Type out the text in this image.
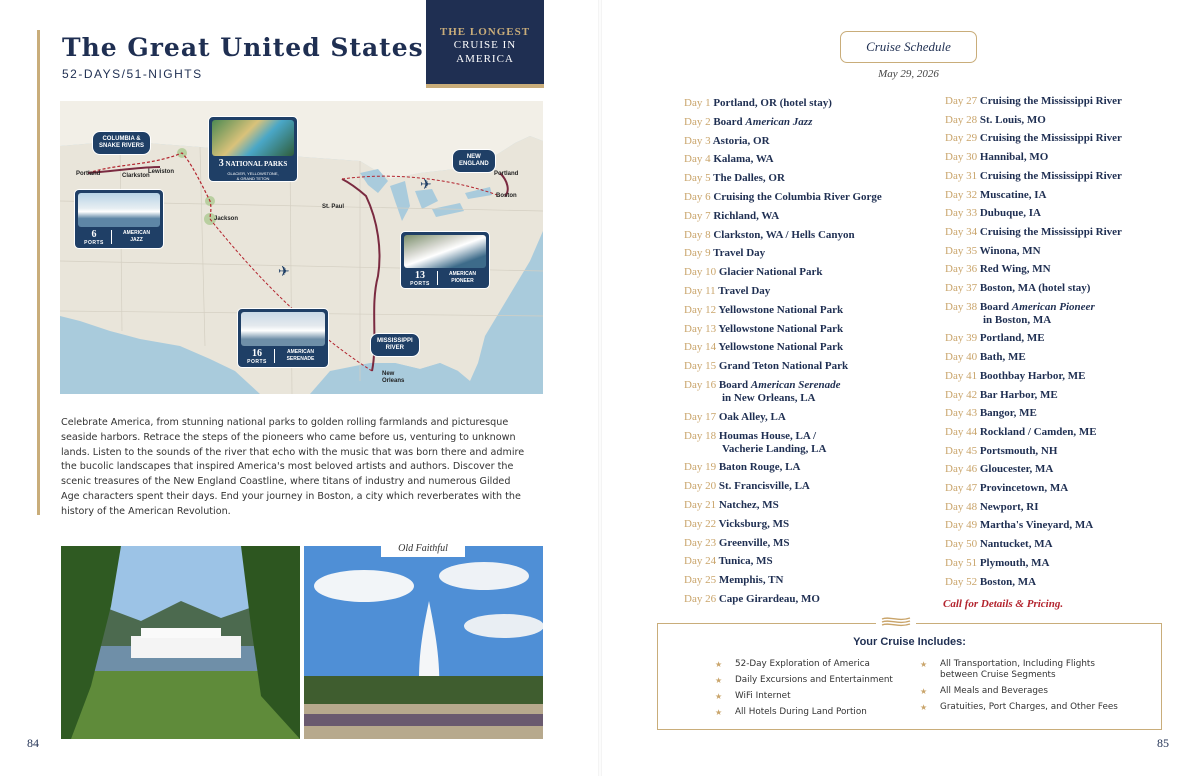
The Great United States
52-DAYS/51-NIGHTS
THE LONGEST
CRUISE IN
AMERICA
✈
✈
COLUMBIA &
SNAKE RIVERS
NEW
ENGLAND
MISSISSIPPI
RIVER
Portland	Clarkston
Lewiston
Jackson
St. Paul
Portland
Boston
New
Orleans
3 NATIONAL PARKS
GLACIER, YELLOWSTONE,
& GRAND TETON
6
PORTS
AMERICAN
JAZZ
13
PORTS
AMERICAN
PIONEER
16
PORTS
AMERICAN
SERENADE

Celebrate America, from stunning national parks to golden rolling farmlands and picturesque seaside harbors. Retrace the steps of the pioneers who came before us, venturing to unknown lands. Listen to the sounds of the river that echo with the music that was born there and admire the bucolic landscapes that inspired America's most beloved artists and authors. Discover the scenic treasures of the New England Coastline, where titans of industry and numerous Gilded Age characters spent their days. End your journey in Boston, a city which reverberates with the history of the American Revolution.

Old Faithful
84
Cruise Schedule
May 29, 2026
Day 1 Portland, OR (hotel stay)
Day 2 Board American Jazz
Day 3 Astoria, OR
Day 4 Kalama, WA
Day 5 The Dalles, OR
Day 6 Cruising the Columbia River Gorge
Day 7 Richland, WA
Day 8 Clarkston, WA / Hells Canyon
Day 9 Travel Day
Day 10 Glacier National Park
Day 11 Travel Day
Day 12 Yellowstone National Park
Day 13 Yellowstone National Park
Day 14 Yellowstone National Park
Day 15 Grand Teton National Park
Day 16 Board American Serenade
in New Orleans, LA
Day 17 Oak Alley, LA
Day 18 Houmas House, LA /
Vacherie Landing, LA
Day 19 Baton Rouge, LA
Day 20 St. Francisville, LA
Day 21 Natchez, MS
Day 22 Vicksburg, MS
Day 23 Greenville, MS
Day 24 Tunica, MS
Day 25 Memphis, TN
Day 26 Cape Girardeau, MO
Day 27 Cruising the Mississippi River
Day 28 St. Louis, MO
Day 29 Cruising the Mississippi River
Day 30 Hannibal, MO
Day 31 Cruising the Mississippi River
Day 32 Muscatine, IA
Day 33 Dubuque, IA
Day 34 Cruising the Mississippi River
Day 35 Winona, MN
Day 36 Red Wing, MN
Day 37 Boston, MA (hotel stay)
Day 38 Board American Pioneer
in Boston, MA
Day 39 Portland, ME
Day 40 Bath, ME
Day 41 Boothbay Harbor, ME
Day 42 Bar Harbor, ME
Day 43 Bangor, ME
Day 44 Rockland / Camden, ME
Day 45 Portsmouth, NH
Day 46 Gloucester, MA
Day 47 Provincetown, MA
Day 48 Newport, RI
Day 49 Martha's Vineyard, MA
Day 50 Nantucket, MA
Day 51 Plymouth, MA
Day 52 Boston, MA
Call for Details & Pricing.
Your Cruise Includes:
★ 52-Day Exploration of America
★ Daily Excursions and Entertainment
★ WiFi Internet
★ All Hotels During Land Portion
★ All Transportation, Including Flights
between Cruise Segments
★ All Meals and Beverages
★ Gratuities, Port Charges, and Other Fees
85
